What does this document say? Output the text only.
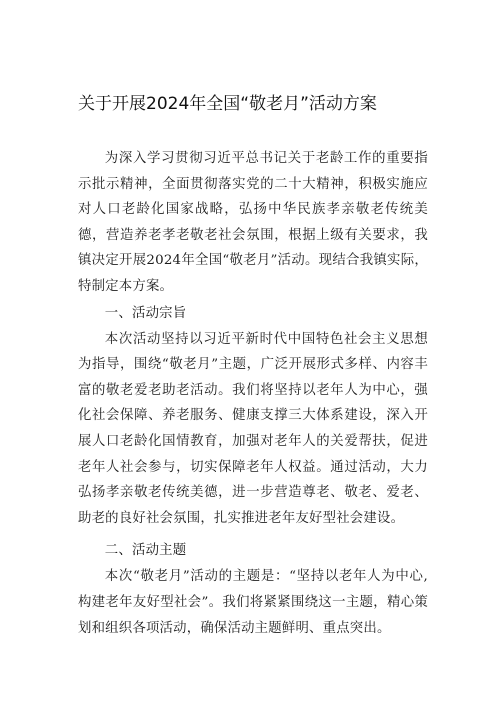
关于开展2024年全国“敬老月”活动方案

为深入学习贯彻习近平总书记关于老龄工作的重要指示批示精神，全面贯彻落实党的二十大精神，积极实施应对人口老龄化国家战略，弘扬中华民族孝亲敬老传统美德，营造养老孝老敬老社会氛围，根据上级有关要求，我镇决定开展2024年全国“敬老月”活动。现结合我镇实际，特制定本方案。

一、活动宗旨

本次活动坚持以习近平新时代中国特色社会主义思想为指导，围绕“敬老月”主题，广泛开展形式多样、内容丰富的敬老爱老助老活动。我们将坚持以老年人为中心，强化社会保障、养老服务、健康支撑三大体系建设，深入开展人口老龄化国情教育，加强对老年人的关爱帮扶，促进老年人社会参与，切实保障老年人权益。通过活动，大力弘扬孝亲敬老传统美德，进一步营造尊老、敬老、爱老、助老的良好社会氛围，扎实推进老年友好型社会建设。

二、活动主题

本次“敬老月”活动的主题是：“坚持以老年人为中心,构建老年友好型社会”。我们将紧紧围绕这一主题，精心策划和组织各项活动，确保活动主题鲜明、重点突出。
